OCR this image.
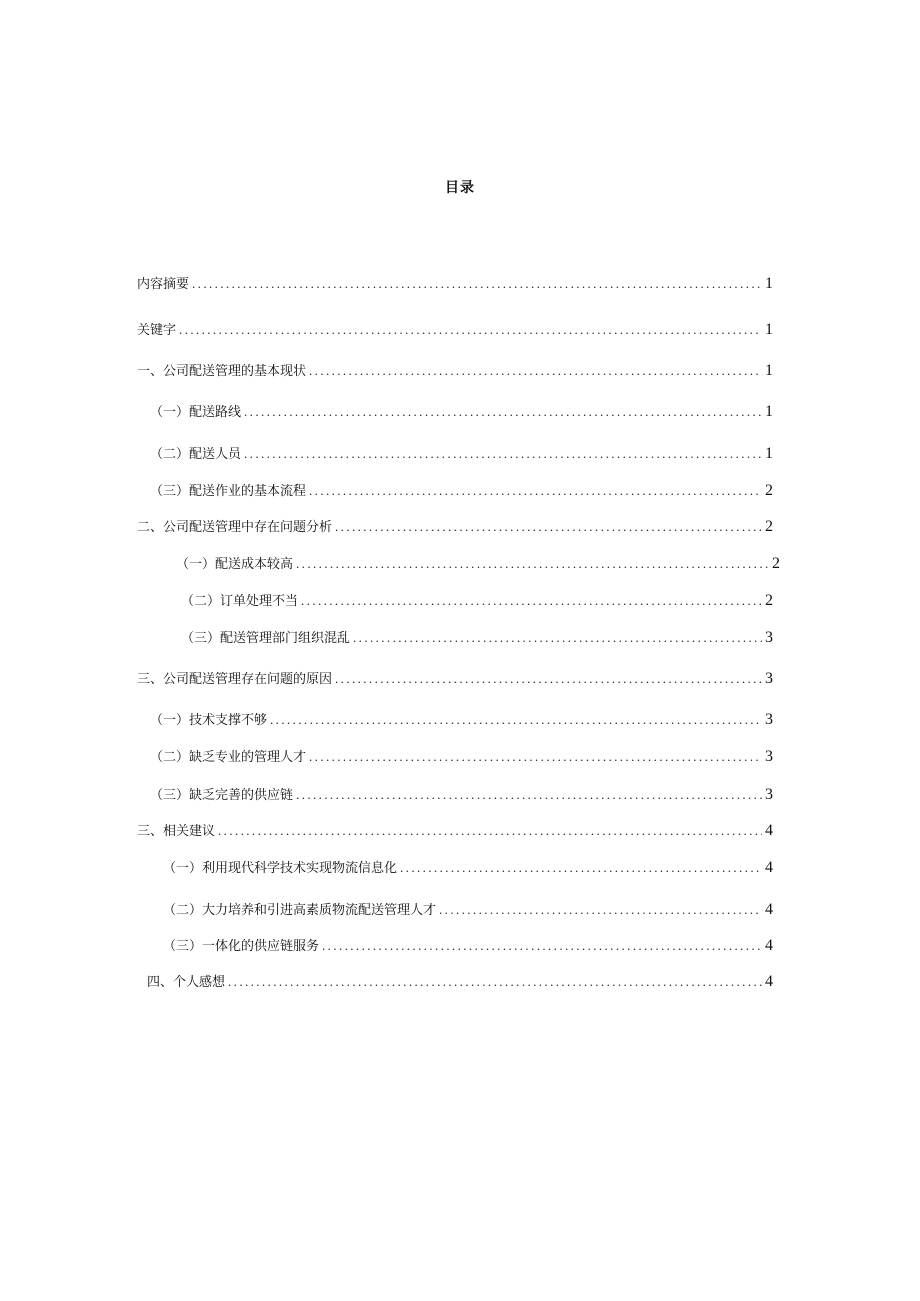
目录
内容摘要 .....	1
关键字 .....	1
一、公司配送管理的基本现状 .....	1
（一）配送路线 .....	1
（二）配送人员 .....	1
（三）配送作业的基本流程 .....	2
二、公司配送管理中存在问题分析 .....	2
（一）配送成本较高 .....	2
（二）订单处理不当 .....	2
（三）配送管理部门组织混乱 .....	3
三、公司配送管理存在问题的原因 .....	3
（一）技术支撑不够 .....	3
（二）缺乏专业的管理人才 .....	3
（三）缺乏完善的供应链 .....	3
三、相关建议 .....	4
（一）利用现代科学技术实现物流信息化 .....	4
（二）大力培养和引进高素质物流配送管理人才 .....	4
（三）一体化的供应链服务 .....	4
四、个人感想 .....	4
